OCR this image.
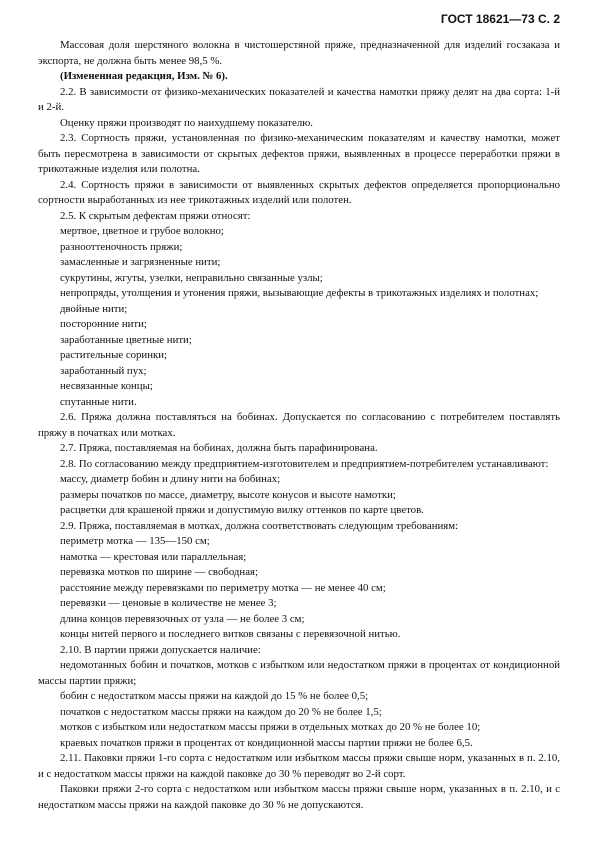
ГОСТ 18621—73 С. 2

Массовая доля шерстяного волокна в чистошерстяной пряже, предназначенной для изделий госзаказа и экспорта, не должна быть менее 98,5 %.

(Измененная редакция, Изм. № 6).

2.2. В зависимости от физико-механических показателей и качества намотки пряжу делят на два сорта: 1-й и 2-й.

Оценку пряжи производят по наихудшему показателю.

2.3. Сортность пряжи, установленная по физико-механическим показателям и качеству намотки, может быть пересмотрена в зависимости от скрытых дефектов пряжи, выявленных в процессе переработки пряжи в трикотажные изделия или полотна.

2.4. Сортность пряжи в зависимости от выявленных скрытых дефектов определяется пропорционально сортности выработанных из нее трикотажных изделий или полотен.

2.5. К скрытым дефектам пряжи относят:

мертвое, цветное и грубое волокно;

разнооттеночность пряжи;

замасленные и загрязненные нити;

сукрутины, жгуты, узелки, неправильно связанные узлы;

непропряды, утолщения и утонения пряжи, вызывающие дефекты в трикотажных изделиях и полотнах;

двойные нити;

посторонние нити;

заработанные цветные нити;

растительные соринки;

заработанный пух;

несвязанные концы;

спутанные нити.

2.6. Пряжа должна поставляться на бобинах. Допускается по согласованию с потребителем поставлять пряжу в початках или мотках.

2.7. Пряжа, поставляемая на бобинах, должна быть парафинирована.

2.8. По согласованию между предприятием-изготовителем и предприятием-потребителем устанавливают:

массу, диаметр бобин и длину нити на бобинах;

размеры початков по массе, диаметру, высоте конусов и высоте намотки;

расцветки для крашеной пряжи и допустимую вилку оттенков по карте цветов.

2.9. Пряжа, поставляемая в мотках, должна соответствовать следующим требованиям:

периметр мотка — 135—150 см;

намотка — крестовая или параллельная;

перевязка мотков по ширине — свободная;

расстояние между перевязками по периметру мотка — не менее 40 см;

перевязки — ценовые в количестве не менее 3;

длина концов перевязочных от узла — не более 3 см;

концы нитей первого и последнего витков связаны с перевязочной нитью.

2.10. В партии пряжи допускается наличие:

недомотанных бобин и початков, мотков с избытком или недостатком пряжи в процентах от кондиционной массы партии пряжи;

бобин с недостатком массы пряжи на каждой до 15 % не более 0,5;

початков с недостатком массы пряжи на каждом до 20 % не более 1,5;

мотков с избытком или недостатком массы пряжи в отдельных мотках до 20 % не более 10;

краевых початков пряжи в процентах от кондиционной массы партии пряжи не более 6,5.

2.11. Паковки пряжи 1-го сорта с недостатком или избытком массы пряжи свыше норм, указанных в п. 2.10, и с недостатком массы пряжи на каждой паковке до 30 % переводят во 2-й сорт.

Паковки пряжи 2-го сорта с недостатком или избытком массы пряжи свыше норм, указанных в п. 2.10, и с недостатком массы пряжи на каждой паковке до 30 % не допускаются.
